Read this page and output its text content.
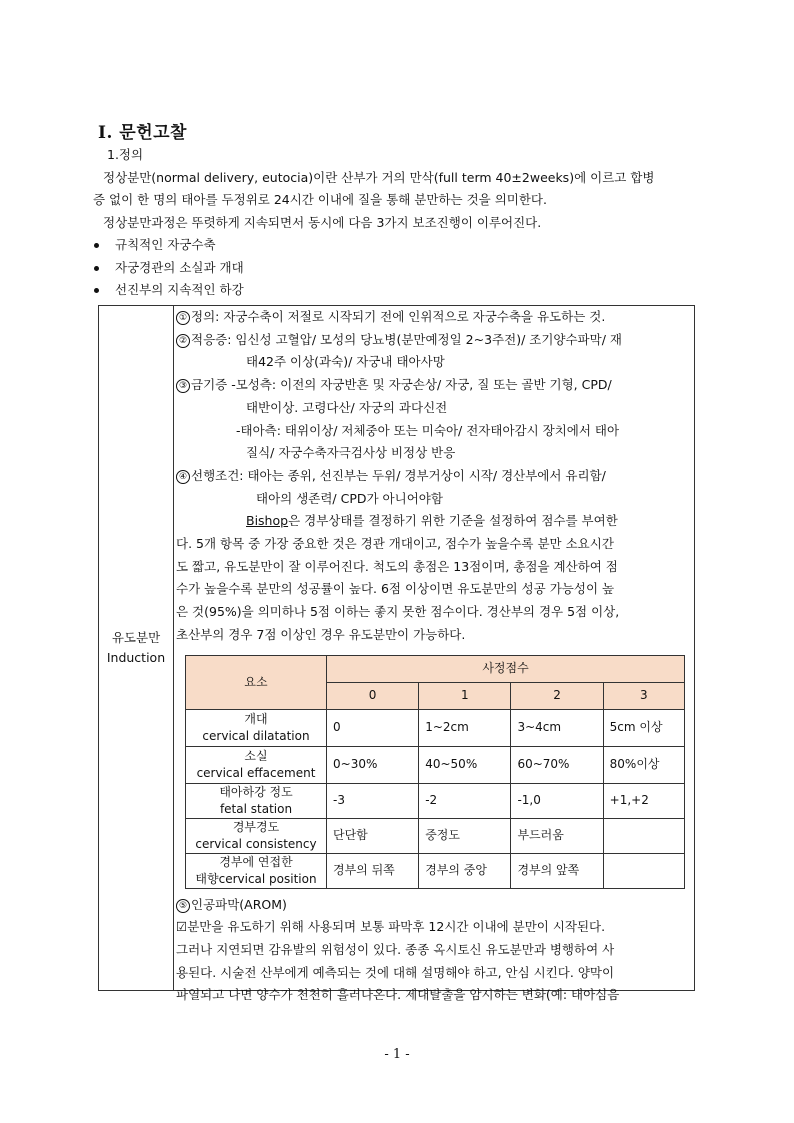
Ⅰ. 문헌고찰

1.정의

정상분만(normal delivery, eutocia)이란 산부가 거의 만삭(full term 40±2weeks)에 이르고 합병

증 없이 한 명의 태아를 두정위로 24시간 이내에 질을 통해 분만하는 것을 의미한다.

정상분만과정은 뚜렷하게 지속되면서 동시에 다음 3가지 보조진행이 이루어진다.

규칙적인 자궁수축
자궁경관의 소실과 개대
선진부의 지속적인 하강
유도분만
Induction

① 정의: 자궁수축이 저절로 시작되기 전에 인위적으로 자궁수축을 유도하는 것.

② 적응증: 임신성 고혈압/ 모성의 당뇨병(분만예정일 2~3주전)/ 조기양수파막/ 재

태42주 이상(과숙)/ 자궁내 태아사망

③ 금기증 -모성측: 이전의 자궁반흔 및 자궁손상/ 자궁, 질 또는 골반 기형, CPD/

태반이상. 고령다산/ 자궁의 과다신전

-태아측: 태위이상/ 저체중아 또는 미숙아/ 전자태아감시 장치에서 태아

질식/ 자궁수축자극검사상 비정상 반응

④ 선행조건: 태아는 종위, 선진부는 두위/ 경부거상이 시작/ 경산부에서 유리함/

태아의 생존력/ CPD가 아니어야함

Bishop은 경부상태를 결정하기 위한 기준을 설정하여 점수를 부여한

다. 5개 항목 중 가장 중요한 것은 경관 개대이고, 점수가 높을수록 분만 소요시간

도 짧고, 유도분만이 잘 이루어진다. 척도의 총점은 13점이며, 총점을 계산하여 점

수가 높을수록 분만의 성공률이 높다. 6점 이상이면 유도분만의 성공 가능성이 높

은 것(95%)을 의미하나 5점 이하는 좋지 못한 점수이다. 경산부의 경우 5점 이상,

초산부의 경우 7점 이상인 경우 유도분만이 가능하다.

요소	사정점수			
	0	1	2	3

개대
cervical dilatation	0	1~2cm	3~4cm	5cm 이상

소실
cervical effacement	0~30%	40~50%	60~70%	80%이상

태아하강 정도
fetal station	-3	-2	-1,0	+1,+2

경부경도
cervical consistency	단단함	중정도	부드러움	

경부에 연접한
태향cervical position	경부의 뒤쪽	경부의 중앙	경부의 앞쪽	

⑤ 인공파막(AROM)

☑분만을 유도하기 위해 사용되며 보통 파막후 12시간 이내에 분만이 시작된다.

그러나 지연되면 감유발의 위험성이 있다. 종종 옥시토신 유도분만과 병행하여 사

용된다. 시술전 산부에게 예측되는 것에 대해 설명해야 하고, 안심 시킨다. 양막이

파열되고 나면 양수가 천천히 흘러나온다. 제대탈출을 암시하는 변화(예: 태아심음

- 1 -
